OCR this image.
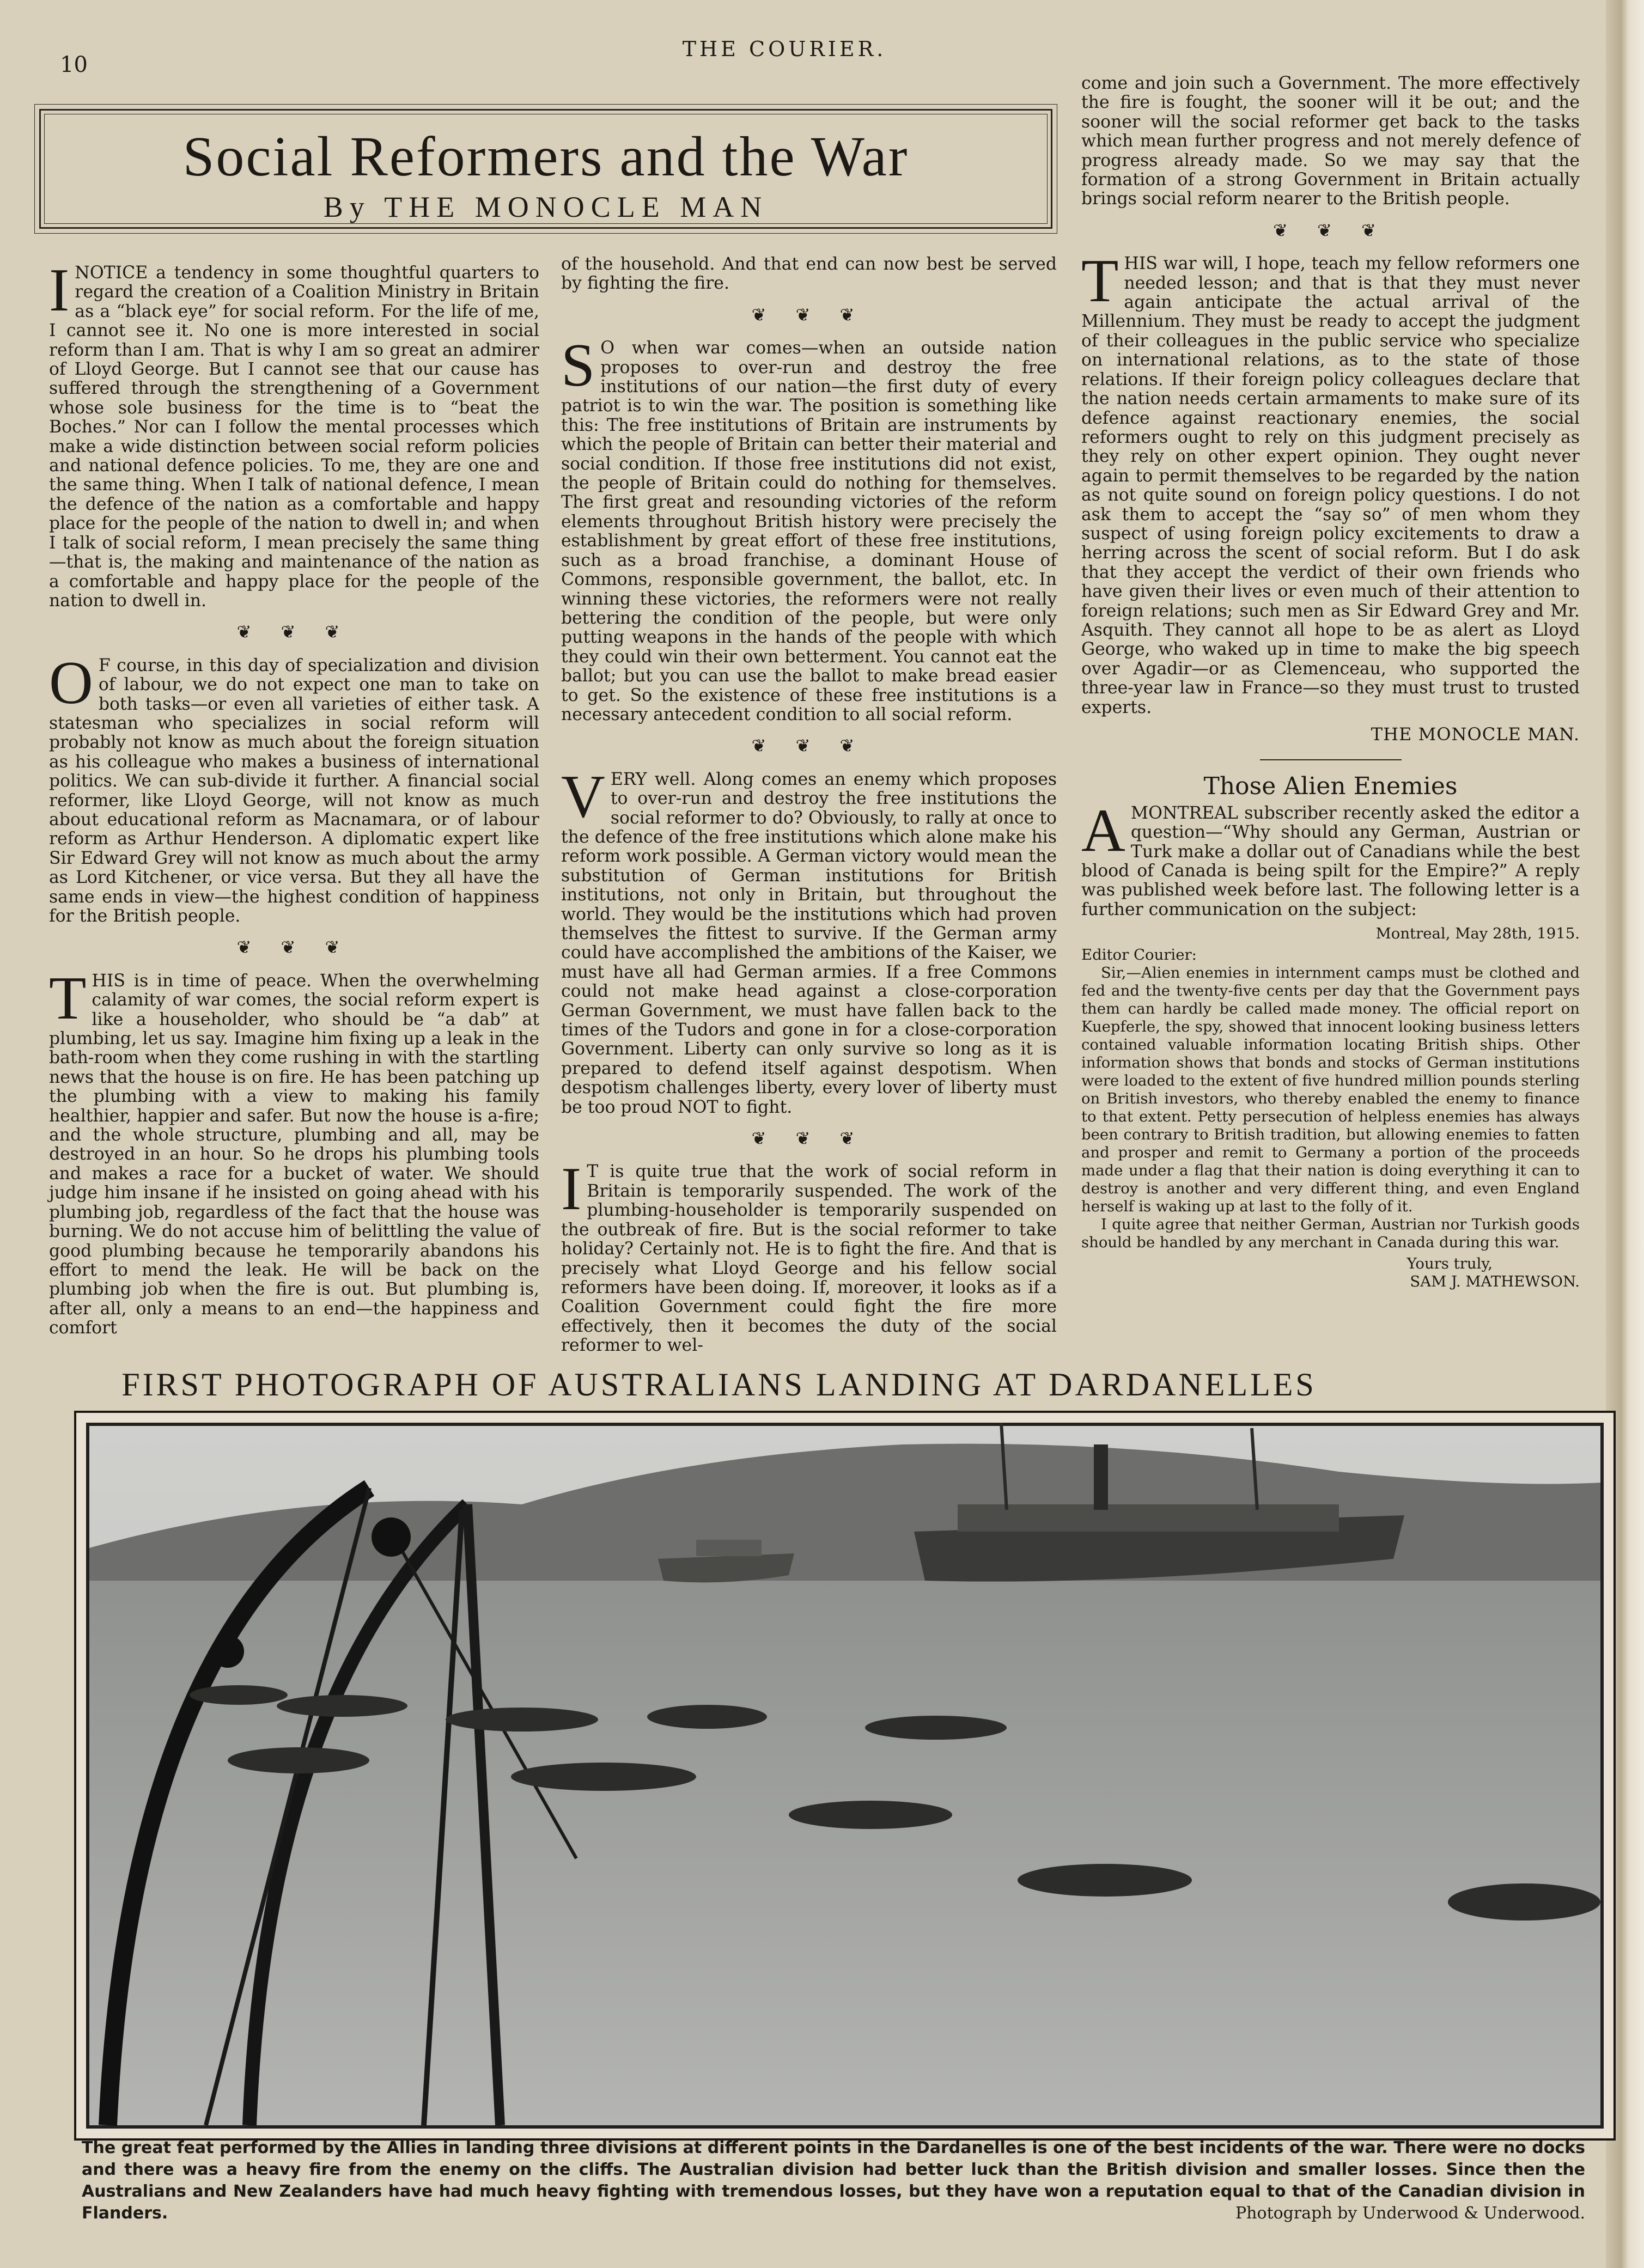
10
THE COURIER.
Social Reformers and the War
By THE MONOCLE MAN

INOTICE a tendency in some thoughtful quarters to regard the creation of a Coalition Ministry in Britain as a “black eye” for social reform. For the life of me, I cannot see it. No one is more interested in social reform than I am. That is why I am so great an admirer of Lloyd George. But I cannot see that our cause has suffered through the strengthening of a Government whose sole business for the time is to “beat the Boches.” Nor can I follow the mental processes which make a wide distinction between social reform policies and national defence policies. To me, they are one and the same thing. When I talk of national defence, I mean the defence of the nation as a comfortable and happy place for the people of the nation to dwell in; and when I talk of social reform, I mean precisely the same thing—that is, the making and maintenance of the nation as a comfortable and happy place for the people of the nation to dwell in.

❦ ❦ ❦

O F course, in this day of specialization and division of labour, we do not expect one man to take on both tasks—or even all varieties of either task. A statesman who specializes in social reform will probably not know as much about the foreign situation as his colleague who makes a business of international politics. We can sub-divide it further. A financial social reformer, like Lloyd George, will not know as much about educational reform as Macnamara, or of labour reform as Arthur Henderson. A diplomatic expert like Sir Edward Grey will not know as much about the army as Lord Kitchener, or vice versa. But they all have the same ends in view—the highest condition of happiness for the British people.

❦ ❦ ❦

THIS is in time of peace. When the overwhelming calamity of war comes, the social reform expert is like a householder, who should be “a dab” at plumbing, let us say. Imagine him fixing up a leak in the bath-room when they come rushing in with the startling news that the house is on fire. He has been patching up the plumbing with a view to making his family healthier, happier and safer. But now the house is a-fire; and the whole structure, plumbing and all, may be destroyed in an hour. So he drops his plumbing tools and makes a race for a bucket of water. We should judge him insane if he insisted on going ahead with his plumbing job, regardless of the fact that the house was burning. We do not accuse him of belittling the value of good plumbing because he temporarily abandons his effort to mend the leak. He will be back on the plumbing job when the fire is out. But plumbing is, after all, only a means to an end—the happiness and comfort

of the household. And that end can now best be served by fighting the fire.

❦ ❦ ❦

S O when war comes—when an outside nation proposes to over-run and destroy the free institutions of our nation—the first duty of every patriot is to win the war. The position is something like this: The free institutions of Britain are instruments by which the people of Britain can better their material and social condition. If those free institutions did not exist, the people of Britain could do nothing for themselves. The first great and resounding victories of the reform elements throughout British history were precisely the establishment by great effort of these free institutions, such as a broad franchise, a dominant House of Commons, responsible government, the ballot, etc. In winning these victories, the reformers were not really bettering the condition of the people, but were only putting weapons in the hands of the people with which they could win their own betterment. You cannot eat the ballot; but you can use the ballot to make bread easier to get. So the existence of these free institutions is a necessary antecedent condition to all social reform.

❦ ❦ ❦

VERY well. Along comes an enemy which proposes to over-run and destroy the free institutions the social reformer to do? Obviously, to rally at once to the defence of the free institutions which alone make his reform work possible. A German victory would mean the substitution of German institutions for British institutions, not only in Britain, but throughout the world. They would be the institutions which had proven themselves the fittest to survive. If the German army could have accomplished the ambitions of the Kaiser, we must have all had German armies. If a free Commons could not make head against a close-corporation German Government, we must have fallen back to the times of the Tudors and gone in for a close-corporation Government. Liberty can only survive so long as it is prepared to defend itself against despotism. When despotism challenges liberty, every lover of liberty must be too proud NOT to fight.

❦ ❦ ❦

I T is quite true that the work of social reform in Britain is temporarily suspended. The work of the plumbing-householder is temporarily suspended on the outbreak of fire. But is the social reformer to take holiday? Certainly not. He is to fight the fire. And that is precisely what Lloyd George and his fellow social reformers have been doing. If, moreover, it looks as if a Coalition Government could fight the fire more effectively, then it becomes the duty of the social reformer to wel-

come and join such a Government. The more effectively the fire is fought, the sooner will it be out; and the sooner will the social reformer get back to the tasks which mean further progress and not merely defence of progress already made. So we may say that the formation of a strong Government in Britain actually brings social reform nearer to the British people.

❦ ❦ ❦

THIS war will, I hope, teach my fellow reformers one needed lesson; and that is that they must never again anticipate the actual arrival of the Millennium. They must be ready to accept the judgment of their colleagues in the public service who specialize on international relations, as to the state of those relations. If their foreign policy colleagues declare that the nation needs certain armaments to make sure of its defence against reactionary enemies, the social reformers ought to rely on this judgment precisely as they rely on other expert opinion. They ought never again to permit themselves to be regarded by the nation as not quite sound on foreign policy questions. I do not ask them to accept the “say so” of men whom they suspect of using foreign policy excitements to draw a herring across the scent of social reform. But I do ask that they accept the verdict of their own friends who have given their lives or even much of their attention to foreign relations; such men as Sir Edward Grey and Mr. Asquith. They cannot all hope to be as alert as Lloyd George, who waked up in time to make the big speech over Agadir—or as Clemenceau, who supported the three-year law in France—so they must trust to trusted experts.

THE MONOCLE MAN.
Those Alien Enemies

AMONTREAL subscriber recently asked the editor a question—“Why should any German, Austrian or Turk make a dollar out of Canadians while the best blood of Canada is being spilt for the Empire?” A reply was published week before last. The following letter is a further communication on the subject:

Montreal, May 28th, 1915.

Editor Courier:

Sir,—Alien enemies in internment camps must be clothed and fed and the twenty-five cents per day that the Government pays them can hardly be called made money. The official report on Kuepferle, the spy, showed that innocent looking business letters contained valuable information locating British ships. Other information shows that bonds and stocks of German institutions were loaded to the extent of five hundred million pounds sterling on British investors, who thereby enabled the enemy to finance to that extent. Petty persecution of helpless enemies has always been contrary to British tradition, but allowing enemies to fatten and prosper and remit to Germany a portion of the proceeds made under a flag that their nation is doing everything it can to destroy is another and very different thing, and even England herself is waking up at last to the folly of it.

I quite agree that neither German, Austrian nor Turkish goods should be handled by any merchant in Canada during this war.

Yours truly,

SAM J. MATHEWSON.

FIRST PHOTOGRAPH OF AUSTRALIANS LANDING AT DARDANELLES
The great feat performed by the Allies in landing three divisions at different points in the Dardanelles is one of the best incidents of the war. There were no docks and there was a heavy fire from the enemy on the cliffs. The Australian division had better luck than the British division and smaller losses. Since then the Australians and New Zealanders have had much heavy fighting with tremendous losses, but they have won a reputation equal to that of the Canadian division in Flanders.	Photograph by Underwood & Underwood.
